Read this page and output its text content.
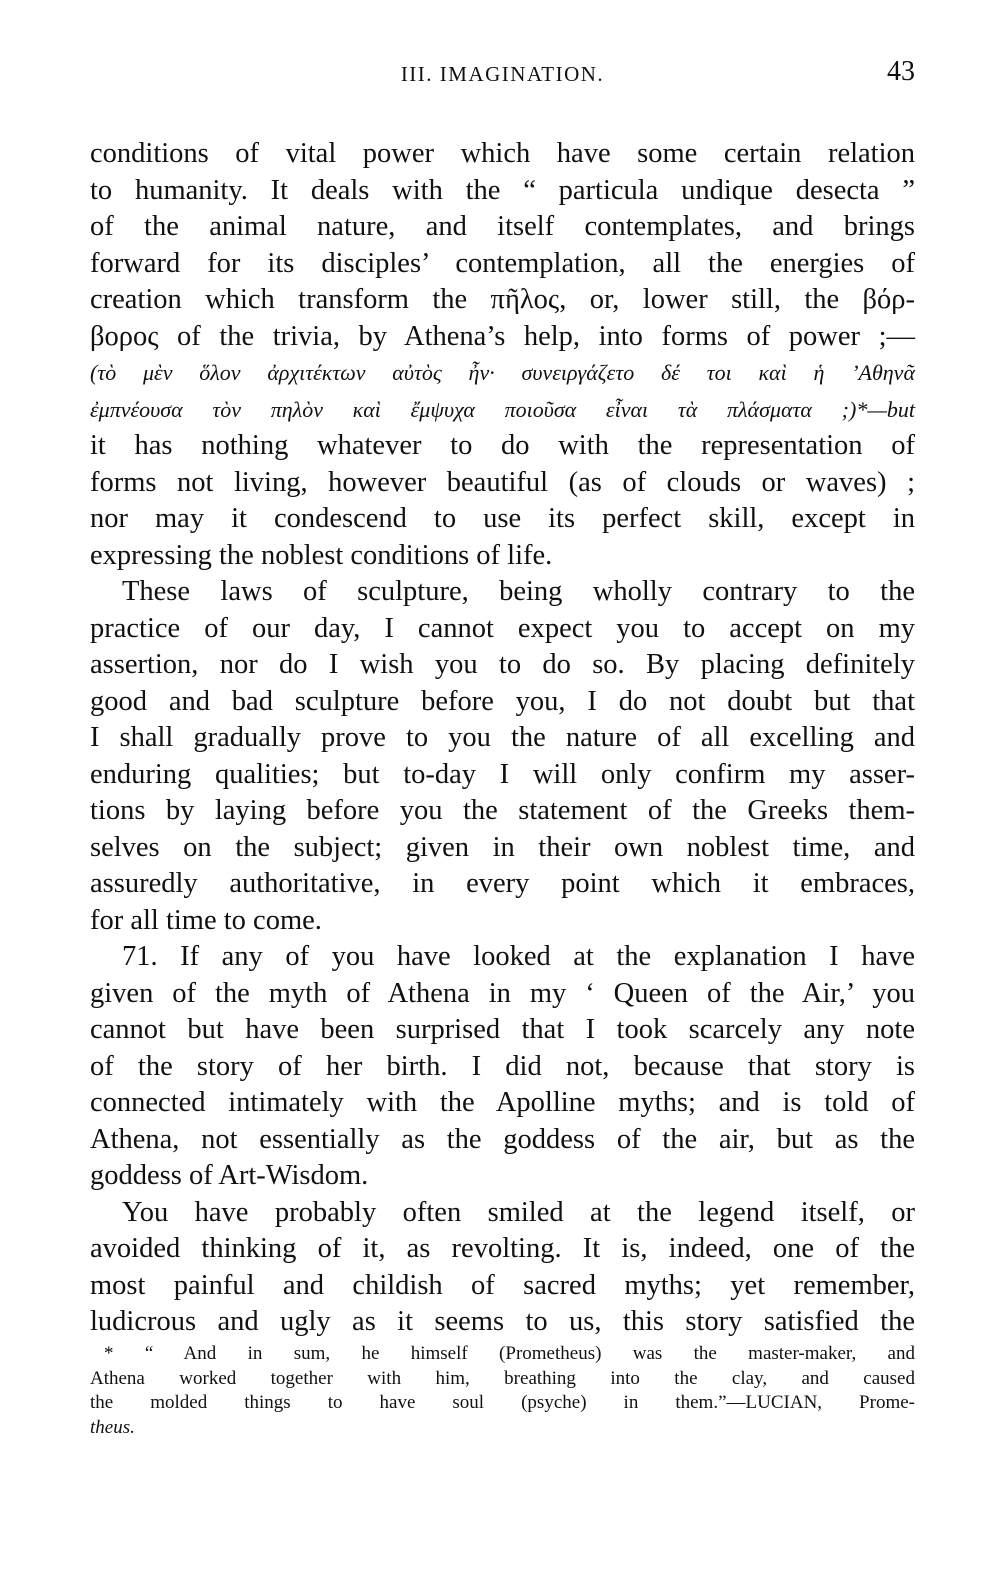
III. IMAGINATION.	43
conditions of vital power which have some certain relation
to humanity. It deals with the “ particula undique desecta ”
of the animal nature, and itself contemplates, and brings
forward for its disciples’ contemplation, all the energies of
creation which transform the πῆλος, or, lower still, the βόρ-
βορος of the trivia, by Athena’s help, into forms of power ;—
(τὸ μὲν ὅλον ἀρχιτέκτων αὐτὸς ἦν· συνειργάζετο δέ τοι καὶ ἡ ’Αθηνᾶ
ἐμπνέουσα τὸν πηλὸν καὶ ἔμψυχα ποιοῦσα εἶναι τὰ πλάσματα ;)*—but
it has nothing whatever to do with the representation of
forms not living, however beautiful (as of clouds or waves) ;
nor may it condescend to use its perfect skill, except in
expressing the noblest conditions of life.
These laws of sculpture, being wholly contrary to the
practice of our day, I cannot expect you to accept on my
assertion, nor do I wish you to do so. By placing definitely
good and bad sculpture before you, I do not doubt but that
I shall gradually prove to you the nature of all excelling and
enduring qualities; but to-day I will only confirm my asser-
tions by laying before you the statement of the Greeks them-
selves on the subject; given in their own noblest time, and
assuredly authoritative, in every point which it embraces,
for all time to come.
71. If any of you have looked at the explanation I have
given of the myth of Athena in my ‘ Queen of the Air,’ you
cannot but have been surprised that I took scarcely any note
of the story of her birth. I did not, because that story is
connected intimately with the Apolline myths; and is told of
Athena, not essentially as the goddess of the air, but as the
goddess of Art-Wisdom.
You have probably often smiled at the legend itself, or
avoided thinking of it, as revolting. It is, indeed, one of the
most painful and childish of sacred myths; yet remember,
ludicrous and ugly as it seems to us, this story satisfied the
* “ And in sum, he himself (Prometheus) was the master-maker, and
Athena worked together with him, breathing into the clay, and caused
the molded things to have soul (psyche) in them.”—LUCIAN, Prome-
theus.
